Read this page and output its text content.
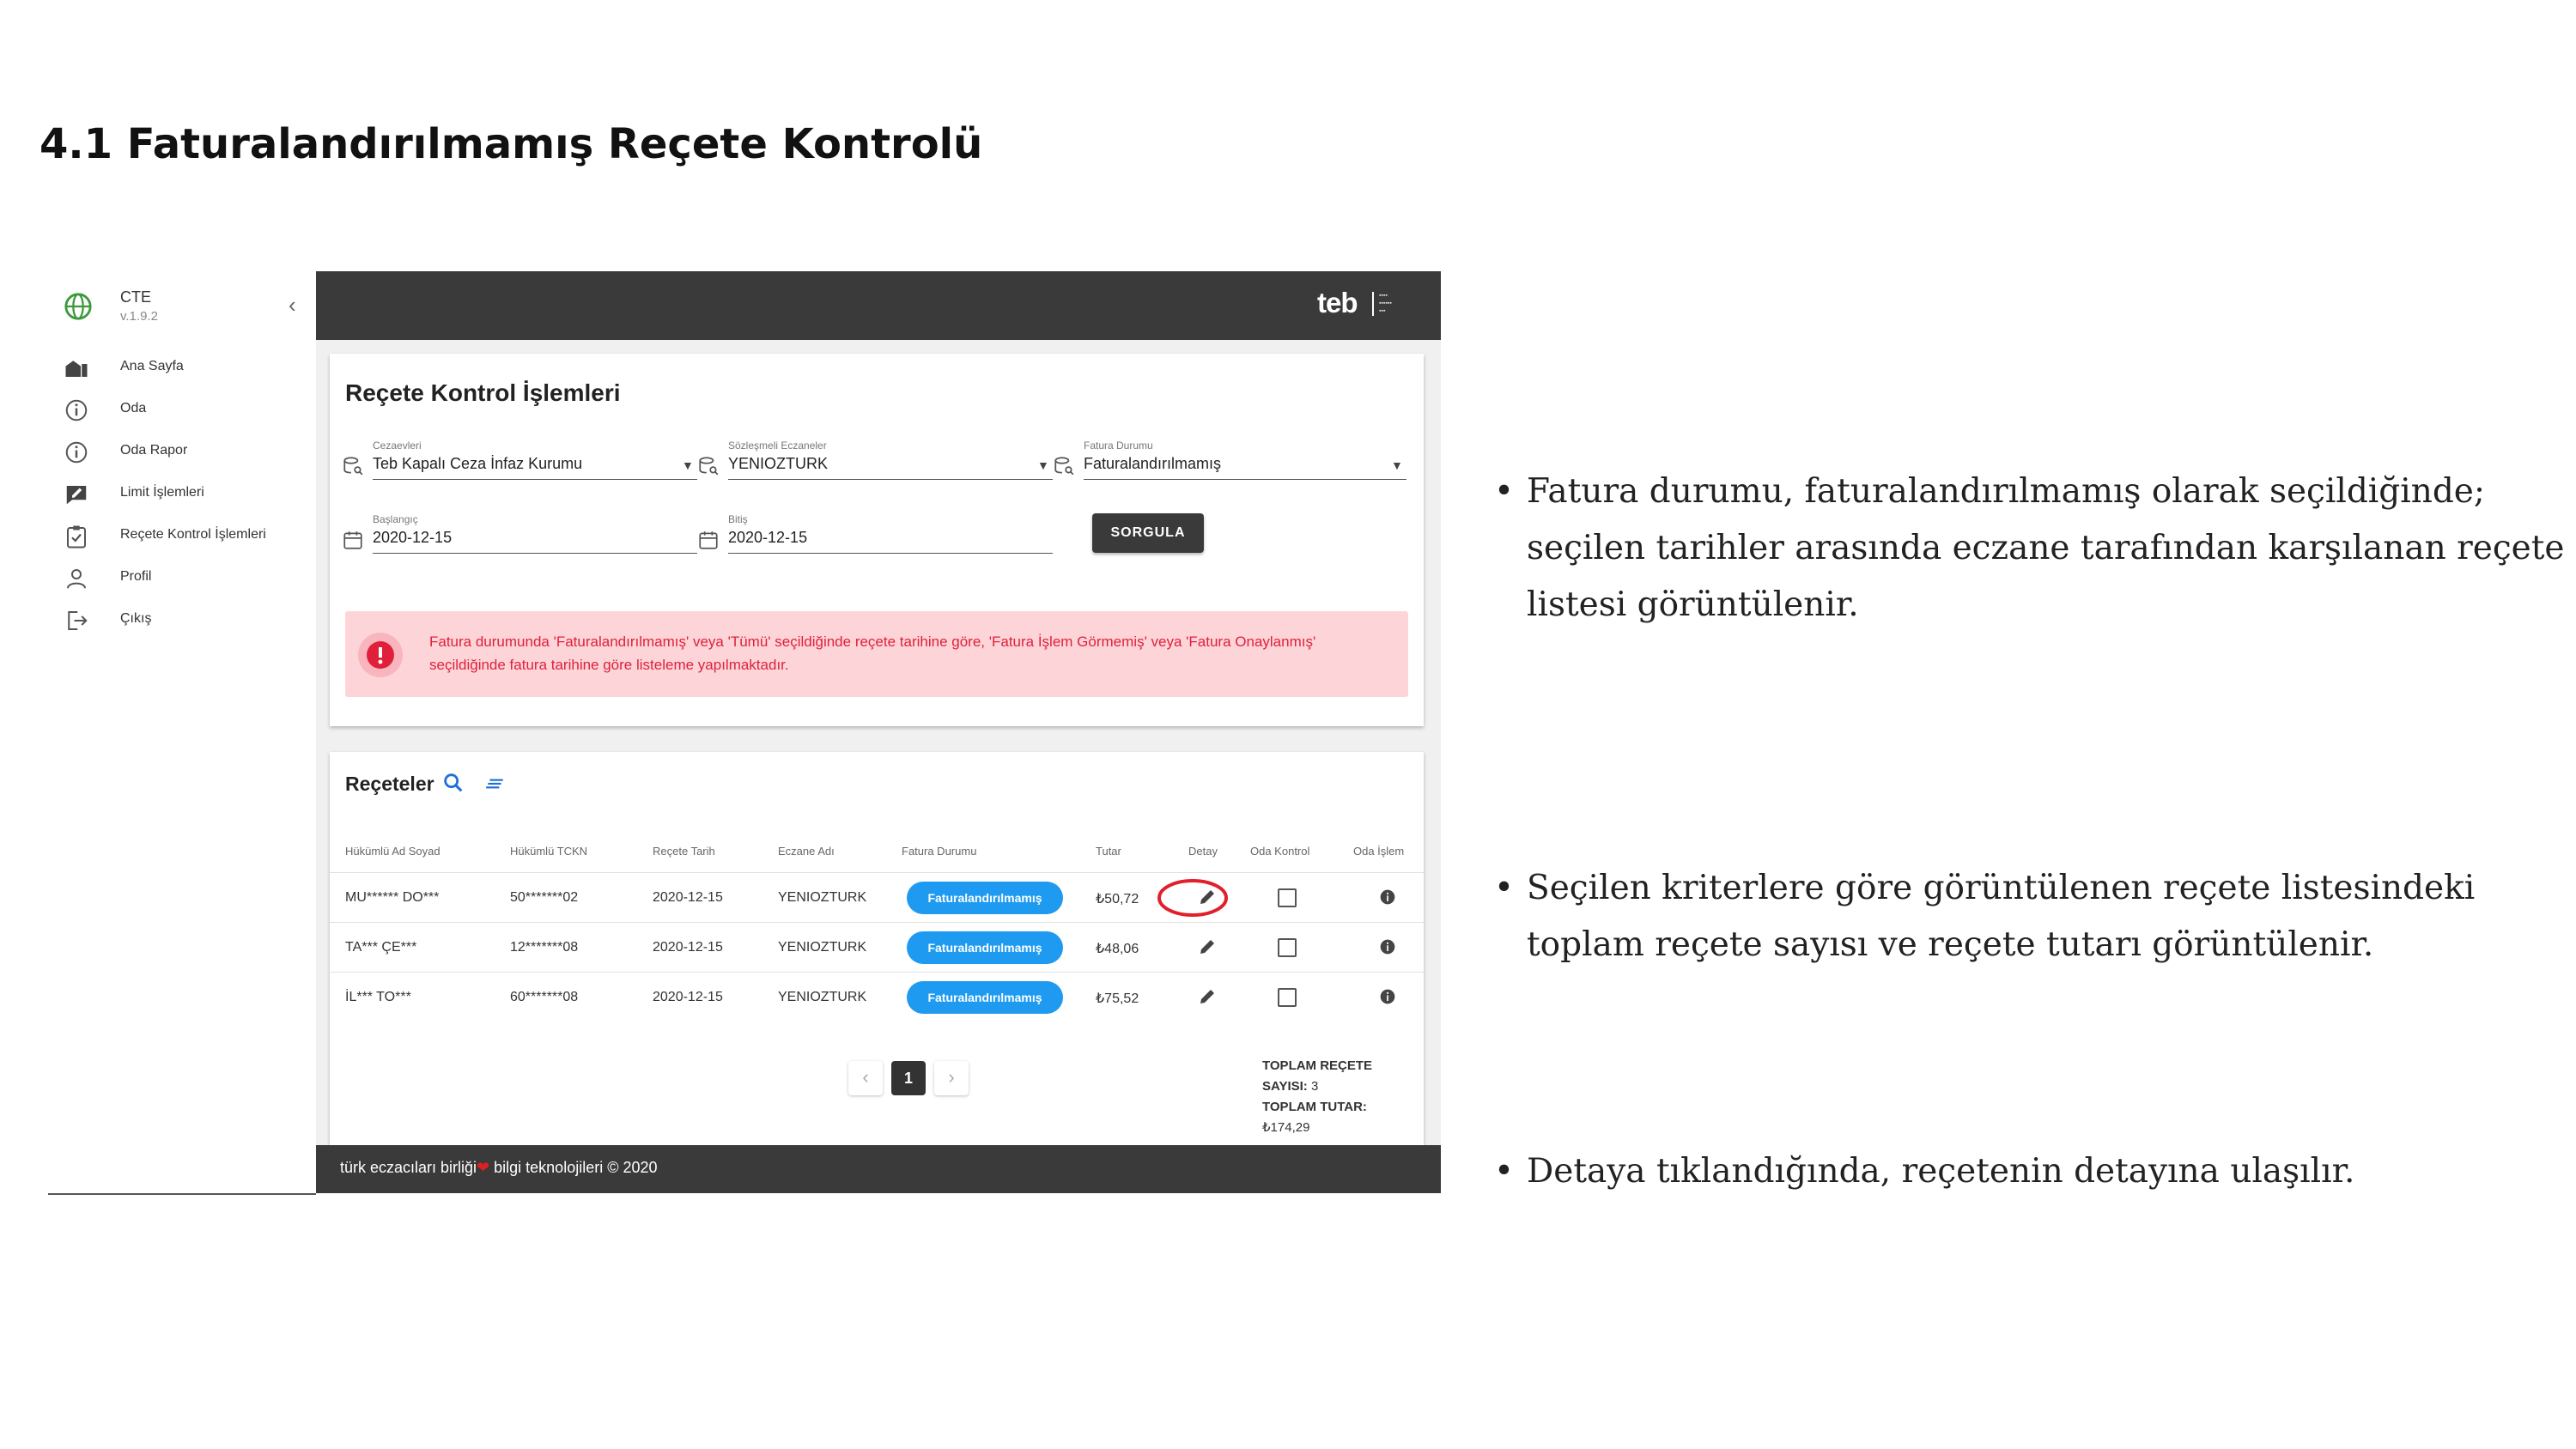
4.1 Faturalandırılmamış Reçete Kontrolü
CTE
v.1.9.2	‹
Ana Sayfa
Oda
Oda Rapor
Limit İşlemleri
Reçete Kontrol İşlemleri
Profil
Çıkış
teb	▪▪▪▪
▪▪▪▪▪▪
▪▪▪
Reçete Kontrol İşlemleri
Cezaevleri
Teb Kapalı Ceza İnfaz Kurumu	▼
Sözleşmeli Eczaneler
YENIOZTURK	▼
Fatura Durumu
Faturalandırılmamış	▼
Başlangıç
2020-12-15
Bitiş
2020-12-15	SORGULA
Fatura durumunda 'Faturalandırılmamış' veya 'Tümü' seçildiğinde reçete tarihine göre, 'Fatura İşlem Görmemiş' veya 'Fatura Onaylanmış' seçildiğinde fatura tarihine göre listeleme yapılmaktadır.
Reçeteler
Hükümlü Ad Soyad	Hükümlü TCKN	Reçete Tarih	Eczane Adı	Fatura Durumu	Tutar	Detay	Oda Kontrol	Oda İşlem
MU****** DO***	50*******02	2020-12-15	YENIOZTURK	Faturalandırılmamış	₺50,72
TA*** ÇE***	12*******08	2020-12-15	YENIOZTURK	Faturalandırılmamış	₺48,06
İL*** TO***	60*******08	2020-12-15	YENIOZTURK	Faturalandırılmamış	₺75,52
‹	1	›
TOPLAM REÇETE SAYISI: 3
TOPLAM TUTAR:
₺174,29
türk eczacıları birliği❤ bilgi teknolojileri © 2020
• Fatura durumu, faturalandırılmamış olarak seçildiğinde; seçilen tarihler arasında eczane tarafından karşılanan reçete listesi görüntülenir.
• Seçilen kriterlere göre görüntülenen reçete listesindeki toplam reçete sayısı ve reçete tutarı görüntülenir.
• Detaya tıklandığında, reçetenin detayına ulaşılır.
